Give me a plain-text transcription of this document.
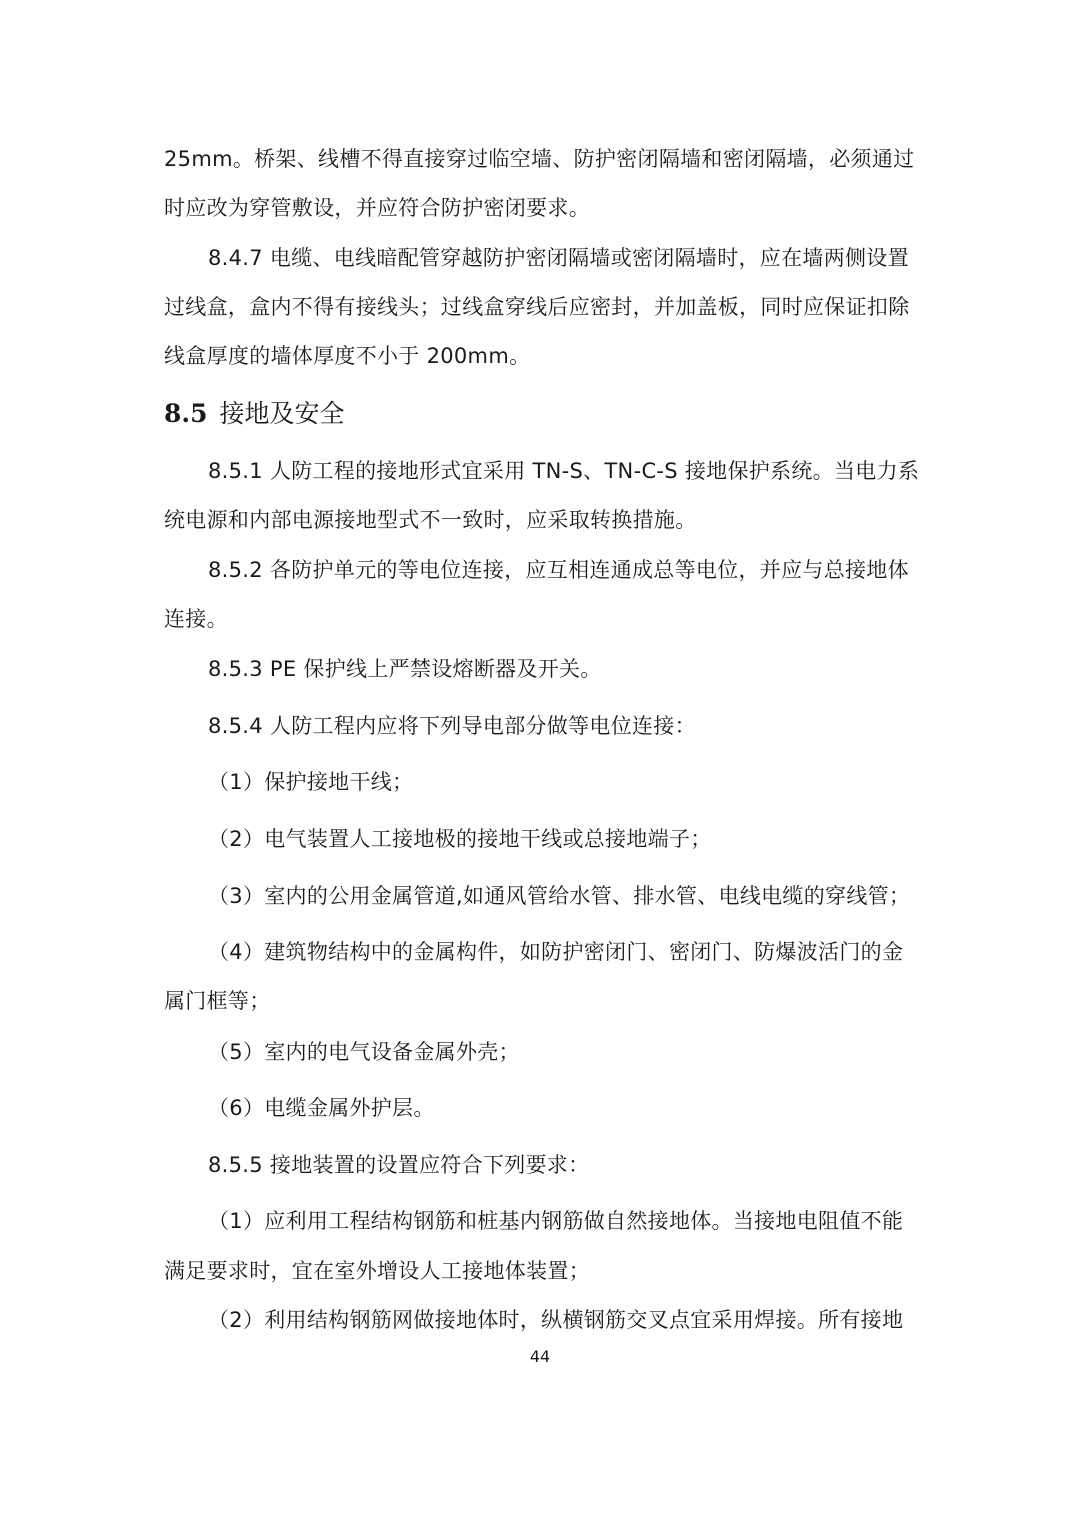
25mm。桥架、线槽不得直接穿过临空墙、防护密闭隔墙和密闭隔墙，必须通过
时应改为穿管敷设，并应符合防护密闭要求。
8.4.7 电缆、电线暗配管穿越防护密闭隔墙或密闭隔墙时，应在墙两侧设置
过线盒，盒内不得有接线头；过线盒穿线后应密封，并加盖板，同时应保证扣除
线盒厚度的墙体厚度不小于 200mm。
8.5 接地及安全
8.5.1 人防工程的接地形式宜采用 TN-S、TN-C-S 接地保护系统。当电力系
统电源和内部电源接地型式不一致时，应采取转换措施。
8.5.2 各防护单元的等电位连接，应互相连通成总等电位，并应与总接地体
连接。
8.5.3 PE 保护线上严禁设熔断器及开关。
8.5.4 人防工程内应将下列导电部分做等电位连接：
（1）保护接地干线；
（2）电气装置人工接地极的接地干线或总接地端子；
（3）室内的公用金属管道,如通风管给水管、排水管、电线电缆的穿线管；
（4）建筑物结构中的金属构件，如防护密闭门、密闭门、防爆波活门的金
属门框等；
（5）室内的电气设备金属外壳；
（6）电缆金属外护层。
8.5.5 接地装置的设置应符合下列要求：
（1）应利用工程结构钢筋和桩基内钢筋做自然接地体。当接地电阻值不能
满足要求时，宜在室外增设人工接地体装置；
（2）利用结构钢筋网做接地体时，纵横钢筋交叉点宜采用焊接。所有接地
44
